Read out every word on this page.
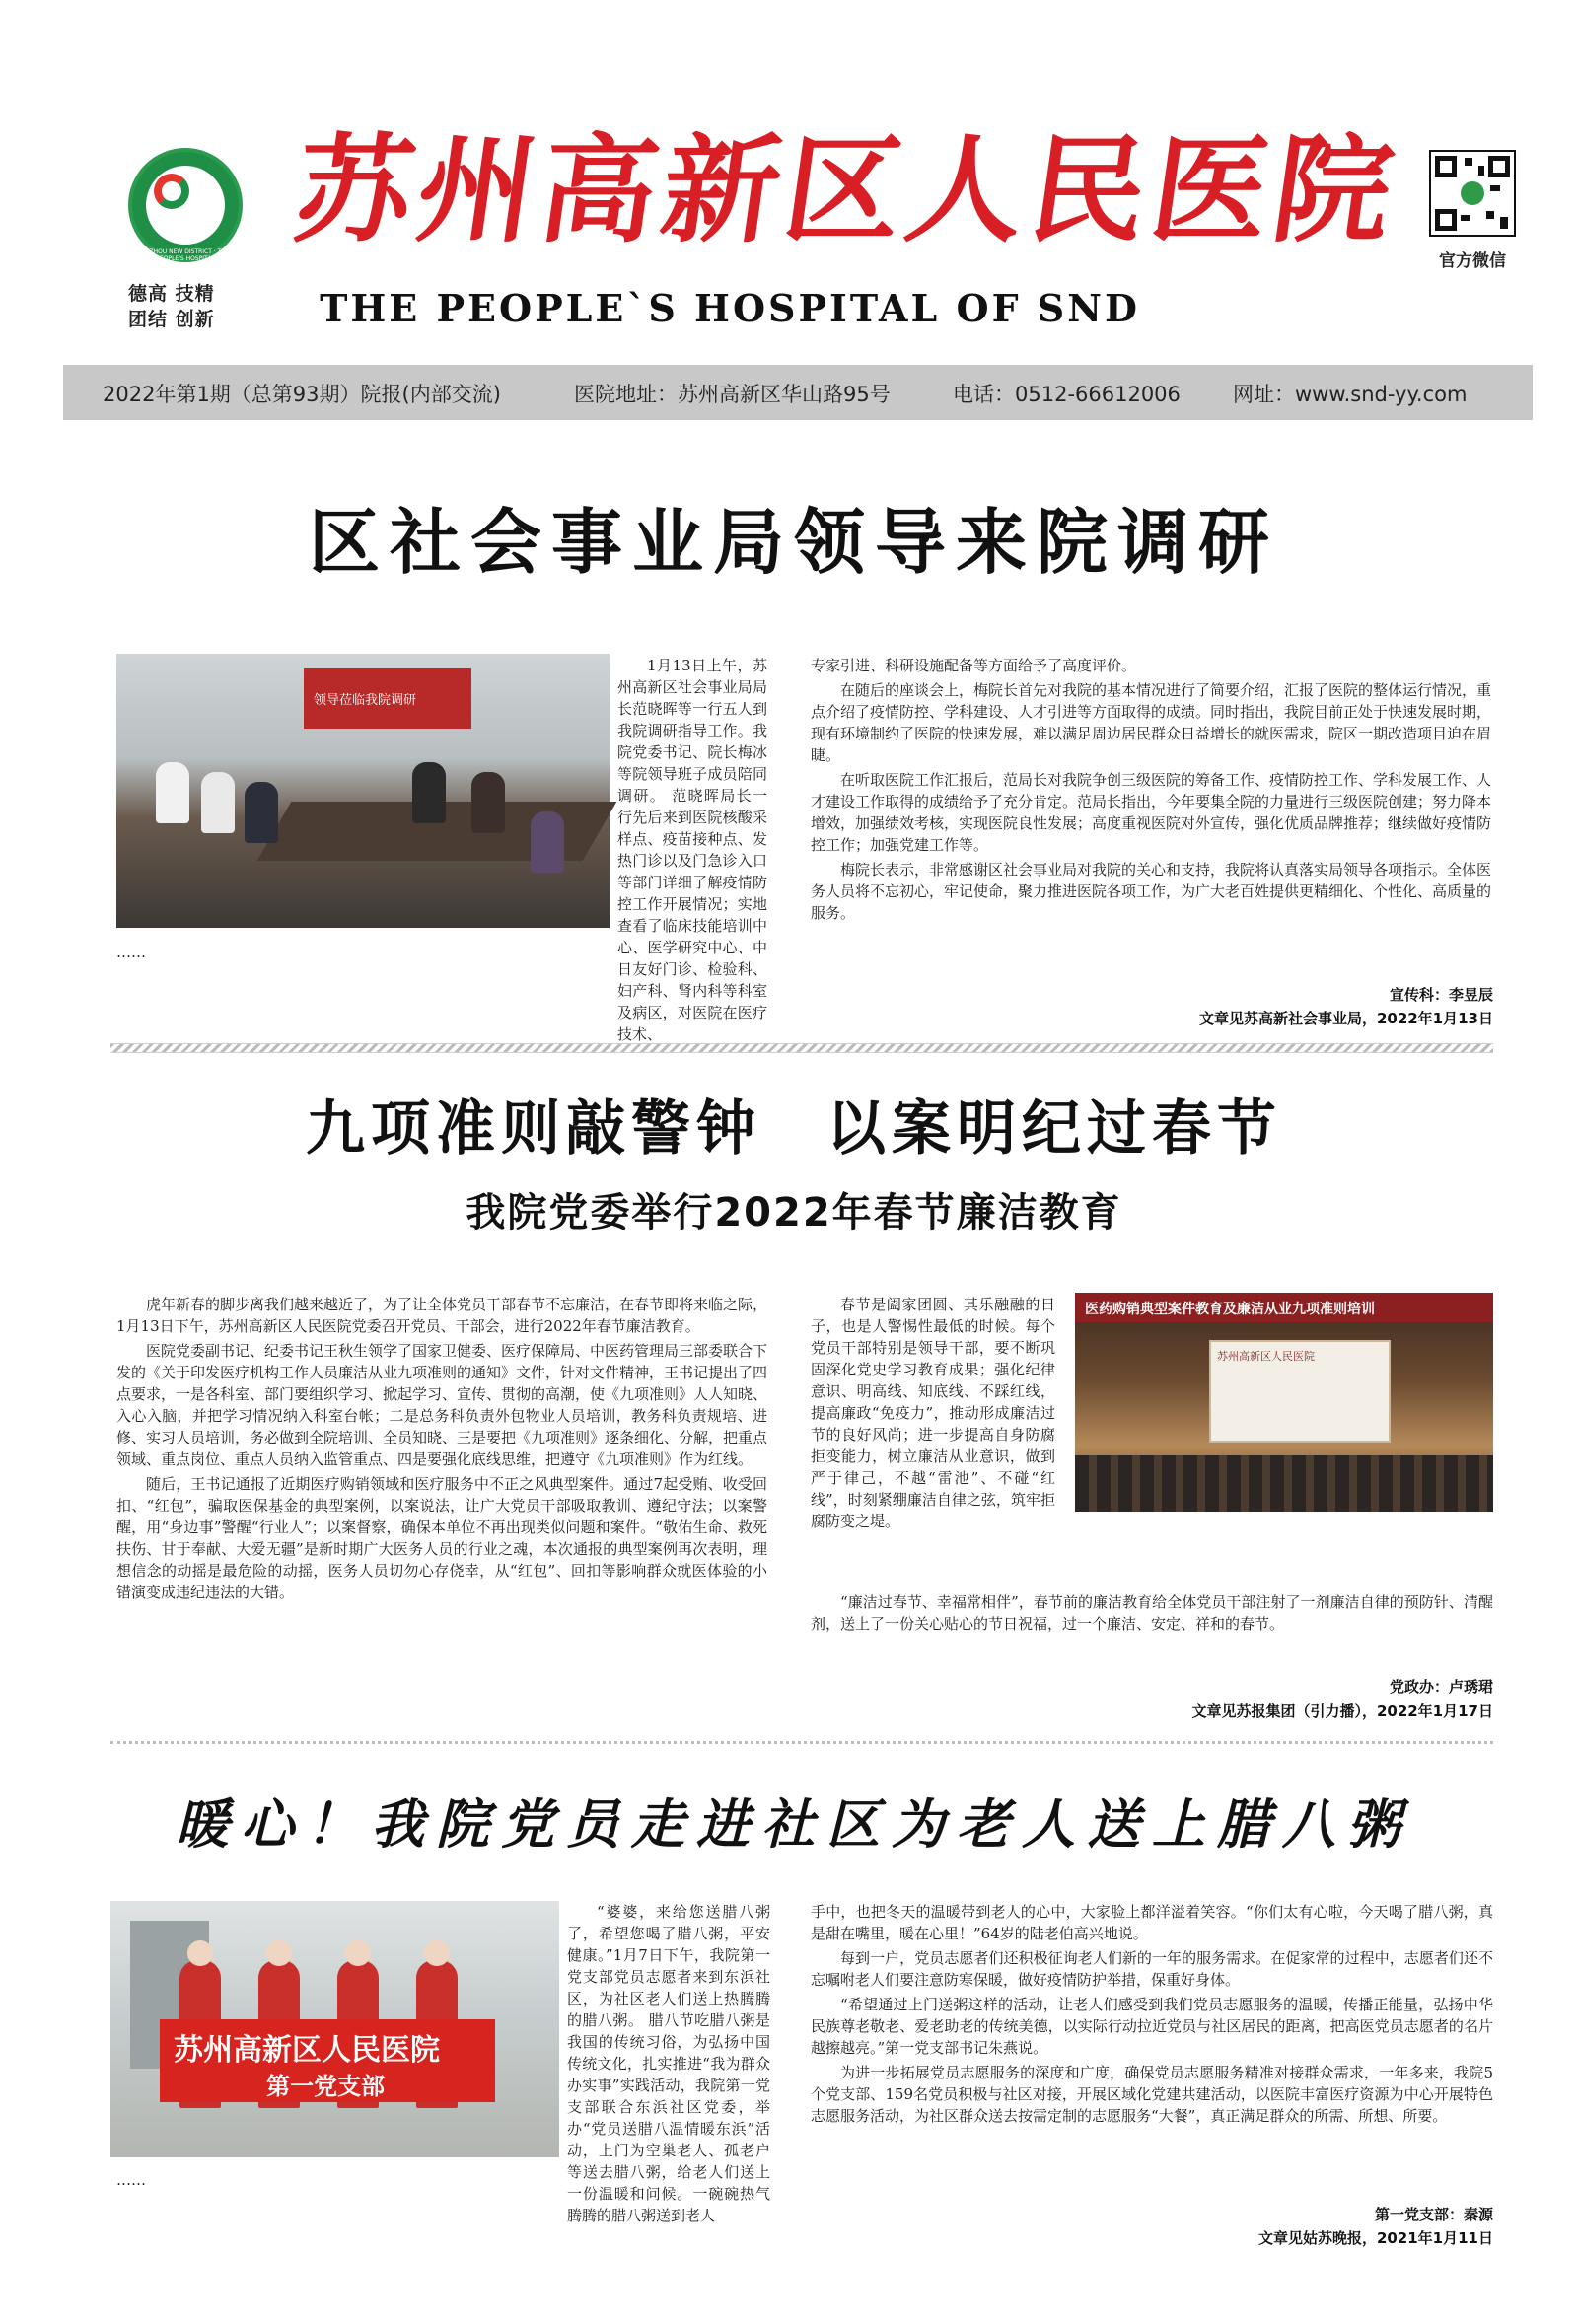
SUZHOU NEW DISTRICT · THE PEOPLE'S HOSPITAL
德高 技精
团结 创新
苏州高新区人民医院
THE PEOPLE`S HOSPITAL OF SND
官方微信
2022年第1期（总第93期）院报(内部交流)	医院地址：苏州高新区华山路95号	电话：0512-66612006	网址：www.snd-yy.com
区社会事业局领导来院调研
领导莅临我院调研

1月13日上午，苏州高新区社会事业局局长范晓晖等一行五人到我院调研指导工作。我院党委书记、院长梅冰等院领导班子成员陪同调研。 范晓晖局长一行先后来到医院核酸采样点、疫苗接种点、发热门诊以及门急诊入口等部门详细了解疫情防控工作开展情况；实地查看了临床技能培训中心、医学研究中心、中日友好门诊、检验科、妇产科、肾内科等科室及病区，对医院在医疗技术、

……

专家引进、科研设施配备等方面给予了高度评价。

在随后的座谈会上，梅院长首先对我院的基本情况进行了简要介绍，汇报了医院的整体运行情况，重点介绍了疫情防控、学科建设、人才引进等方面取得的成绩。同时指出，我院目前正处于快速发展时期，现有环境制约了医院的快速发展，难以满足周边居民群众日益增长的就医需求，院区一期改造项目迫在眉睫。

在听取医院工作汇报后，范局长对我院争创三级医院的筹备工作、疫情防控工作、学科发展工作、人才建设工作取得的成绩给予了充分肯定。范局长指出，今年要集全院的力量进行三级医院创建；努力降本增效，加强绩效考核，实现医院良性发展；高度重视医院对外宣传，强化优质品牌推荐；继续做好疫情防控工作；加强党建工作等。

梅院长表示，非常感谢区社会事业局对我院的关心和支持，我院将认真落实局领导各项指示。全体医务人员将不忘初心，牢记使命，聚力推进医院各项工作，为广大老百姓提供更精细化、个性化、高质量的服务。

宣传科：李昱辰
文章见苏高新社会事业局，2022年1月13日
九项准则敲警钟　以案明纪过春节
我院党委举行2022年春节廉洁教育

虎年新春的脚步离我们越来越近了，为了让全体党员干部春节不忘廉洁，在春节即将来临之际，1月13日下午，苏州高新区人民医院党委召开党员、干部会，进行2022年春节廉洁教育。

医院党委副书记、纪委书记王秋生领学了国家卫健委、医疗保障局、中医药管理局三部委联合下发的《关于印发医疗机构工作人员廉洁从业九项准则的通知》文件，针对文件精神，王书记提出了四点要求，一是各科室、部门要组织学习、掀起学习、宣传、贯彻的高潮，使《九项准则》人人知晓、入心入脑，并把学习情况纳入科室台帐；二是总务科负责外包物业人员培训，教务科负责规培、进修、实习人员培训，务必做到全院培训、全员知晓、三是要把《九项准则》逐条细化、分解，把重点领域、重点岗位、重点人员纳入监管重点、四是要强化底线思维，把遵守《九项准则》作为红线。

随后，王书记通报了近期医疗购销领域和医疗服务中不正之风典型案件。通过7起受贿、收受回扣、“红包”，骗取医保基金的典型案例，以案说法，让广大党员干部吸取教训、遵纪守法；以案警醒，用“身边事”警醒“行业人”；以案督察，确保本单位不再出现类似问题和案件。“敬佑生命、救死扶伤、甘于奉献、大爱无疆”是新时期广大医务人员的行业之魂，本次通报的典型案例再次表明，理想信念的动摇是最危险的动摇，医务人员切勿心存侥幸，从“红包”、回扣等影响群众就医体验的小错演变成违纪违法的大错。

春节是阖家团圆、其乐融融的日子，也是人警惕性最低的时候。每个党员干部特别是领导干部，要不断巩固深化党史学习教育成果；强化纪律意识、明高线、知底线、不踩红线，提高廉政“免疫力”，推动形成廉洁过节的良好风尚；进一步提高自身防腐拒变能力，树立廉洁从业意识，做到严于律己，不越“雷池”、不碰“红线”，时刻紧绷廉洁自律之弦，筑牢拒腐防变之堤。

医药购销典型案件教育及廉洁从业九项准则培训
苏州高新区人民医院

“廉洁过春节、幸福常相伴”，春节前的廉洁教育给全体党员干部注射了一剂廉洁自律的预防针、清醒剂，送上了一份关心贴心的节日祝福，过一个廉洁、安定、祥和的春节。

党政办：卢琇珺
文章见苏报集团（引力播），2022年1月17日
暖心！我院党员走进社区为老人送上腊八粥
苏州高新区人民医院
第一党支部

“婆婆，来给您送腊八粥了，希望您喝了腊八粥，平安健康。”1月7日下午，我院第一党支部党员志愿者来到东浜社区，为社区老人们送上热腾腾的腊八粥。 腊八节吃腊八粥是我国的传统习俗，为弘扬中国传统文化，扎实推进“我为群众办实事”实践活动，我院第一党支部联合东浜社区党委，举办“党员送腊八温情暖东浜”活动，上门为空巢老人、孤老户等送去腊八粥，给老人们送上一份温暖和问候。一碗碗热气腾腾的腊八粥送到老人

……

手中，也把冬天的温暖带到老人的心中，大家脸上都洋溢着笑容。“你们太有心啦，今天喝了腊八粥，真是甜在嘴里，暖在心里！”64岁的陆老伯高兴地说。

每到一户，党员志愿者们还积极征询老人们新的一年的服务需求。在促家常的过程中，志愿者们还不忘嘱咐老人们要注意防寒保暖，做好疫情防护举措，保重好身体。

“希望通过上门送粥这样的活动，让老人们感受到我们党员志愿服务的温暖，传播正能量，弘扬中华民族尊老敬老、爱老助老的传统美德，以实际行动拉近党员与社区居民的距离，把高医党员志愿者的名片越擦越亮。”第一党支部书记朱燕说。

为进一步拓展党员志愿服务的深度和广度，确保党员志愿服务精准对接群众需求，一年多来，我院5个党支部、159名党员积极与社区对接，开展区域化党建共建活动，以医院丰富医疗资源为中心开展特色志愿服务活动，为社区群众送去按需定制的志愿服务“大餐”，真正满足群众的所需、所想、所要。

第一党支部：秦源
文章见姑苏晚报，2021年1月11日
